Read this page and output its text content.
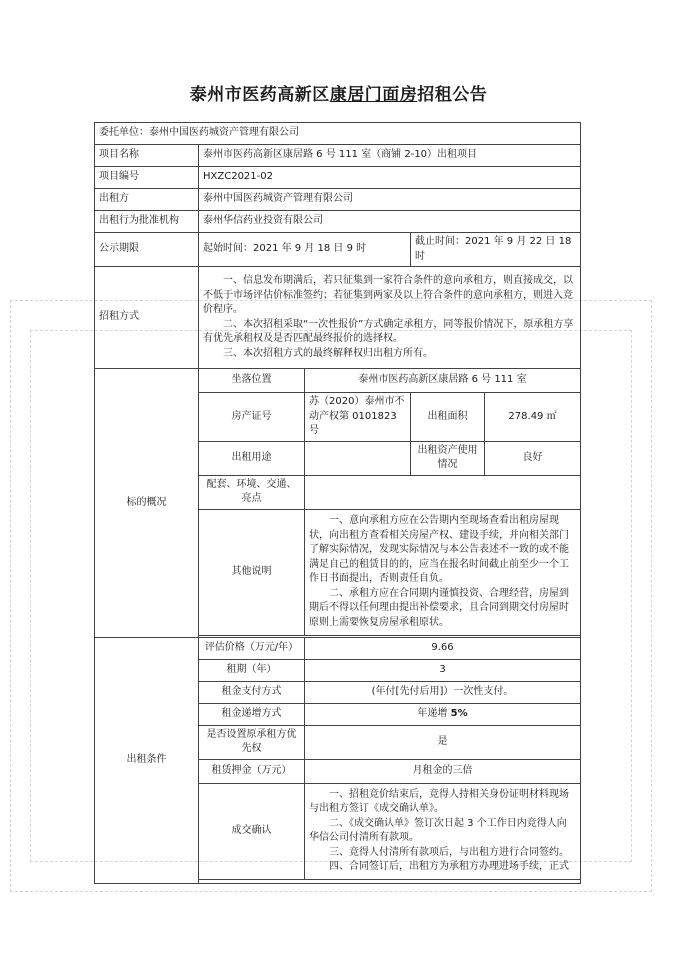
泰州市医药高新区康居门面房招租公告
委托单位：泰州中国医药城资产管理有限公司				
项目名称	泰州市医药高新区康居路 6 号 111 室（商铺 2-10）出租项目			
项目编号	HXZC2021-02			
出租方	泰州中国医药城资产管理有限公司			
出租行为批准机构	泰州华信药业投资有限公司			
公示期限	起始时间：2021 年 9 月 18 日 9 时		截止时间：2021 年 9 月 22 日 18 时	
招租方式	一、信息发布期满后，若只征集到一家符合条件的意向承租方，则直接成交，以不低于市场评估价标准签约；若征集到两家及以上符合条件的意向承租方，则进入竞价程序。

二、本次招租采取“一次性报价”方式确定承租方，同等报价情况下，原承租方享有优先承租权及是否匹配最终报价的选择权。

三、本次招租方式的最终解释权归出租方所有。			

标的概况	坐落位置	泰州市医药高新区康居路 6 号 111 室		
	房产证号	苏（2020）泰州市不动产权第 0101823 号	出租面积	278.49 ㎡
	出租用途		出租资产使用情况	良好
	配套、环境、交通、亮点			
	其他说明	一、意向承租方应在公告期内至现场查看出租房屋现状，向出租方查看相关房屋产权、建设手续，并向相关部门了解实际情况，发现实际情况与本公告表述不一致的或不能满足自己的租赁目的的，应当在报名时间截止前至少一个工作日书面提出，否则责任自负。

二、承租方应在合同期内谨慎投资、合理经营，房屋到期后不得以任何理由提出补偿要求，且合同到期交付房屋时原则上需要恢复房屋承租原状。		

出租条件	评估价格（万元/年）	9.66		
	租期（年）	3		
	租金支付方式	(年付[先付后用]）一次性支付。		
	租金递增方式	年递增 5%		
	是否设置原承租方优先权	是		
	租赁押金（万元）	月租金的三倍		
	成交确认	一、招租竞价结束后，竞得人持相关身份证明材料现场与出租方签订《成交确认单》。

二、《成交确认单》签订次日起 3 个工作日内竞得人向华信公司付清所有款项。

三、竞得人付清所有款项后，与出租方进行合同签约。

四、合同签订后，出租方为承租方办理进场手续，正式		
